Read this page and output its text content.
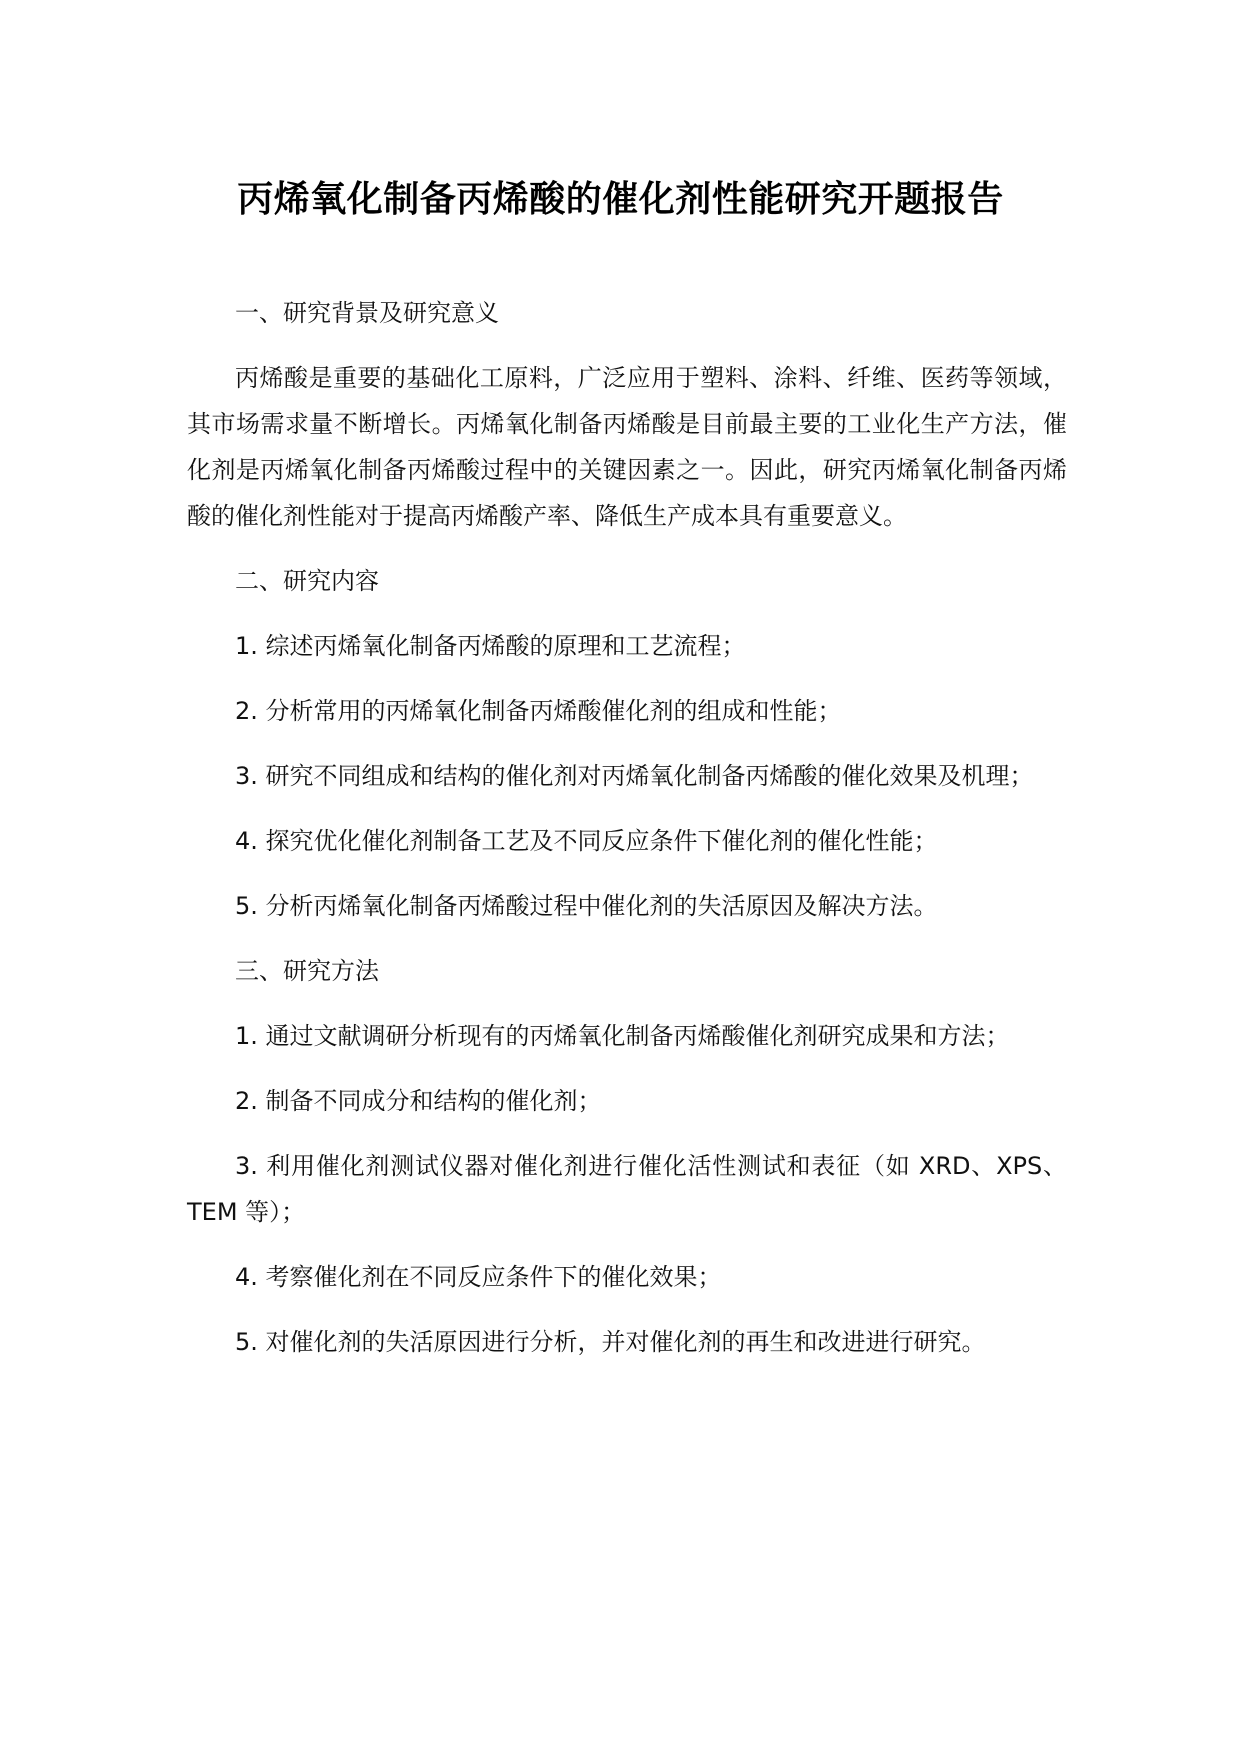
丙烯氧化制备丙烯酸的催化剂性能研究开题报告
一、研究背景及研究意义

丙烯酸是重要的基础化工原料，广泛应用于塑料、涂料、纤维、医药等领域，其市场需求量不断增长。丙烯氧化制备丙烯酸是目前最主要的工业化生产方法，催化剂是丙烯氧化制备丙烯酸过程中的关键因素之一。因此，研究丙烯氧化制备丙烯酸的催化剂性能对于提高丙烯酸产率、降低生产成本具有重要意义。

二、研究内容

1. 综述丙烯氧化制备丙烯酸的原理和工艺流程；

2. 分析常用的丙烯氧化制备丙烯酸催化剂的组成和性能；

3. 研究不同组成和结构的催化剂对丙烯氧化制备丙烯酸的催化效果及机理；

4. 探究优化催化剂制备工艺及不同反应条件下催化剂的催化性能；

5. 分析丙烯氧化制备丙烯酸过程中催化剂的失活原因及解决方法。

三、研究方法

1. 通过文献调研分析现有的丙烯氧化制备丙烯酸催化剂研究成果和方法；

2. 制备不同成分和结构的催化剂；

3. 利用催化剂测试仪器对催化剂进行催化活性测试和表征（如 XRD、XPS、TEM 等）；

4. 考察催化剂在不同反应条件下的催化效果；

5. 对催化剂的失活原因进行分析，并对催化剂的再生和改进进行研究。
